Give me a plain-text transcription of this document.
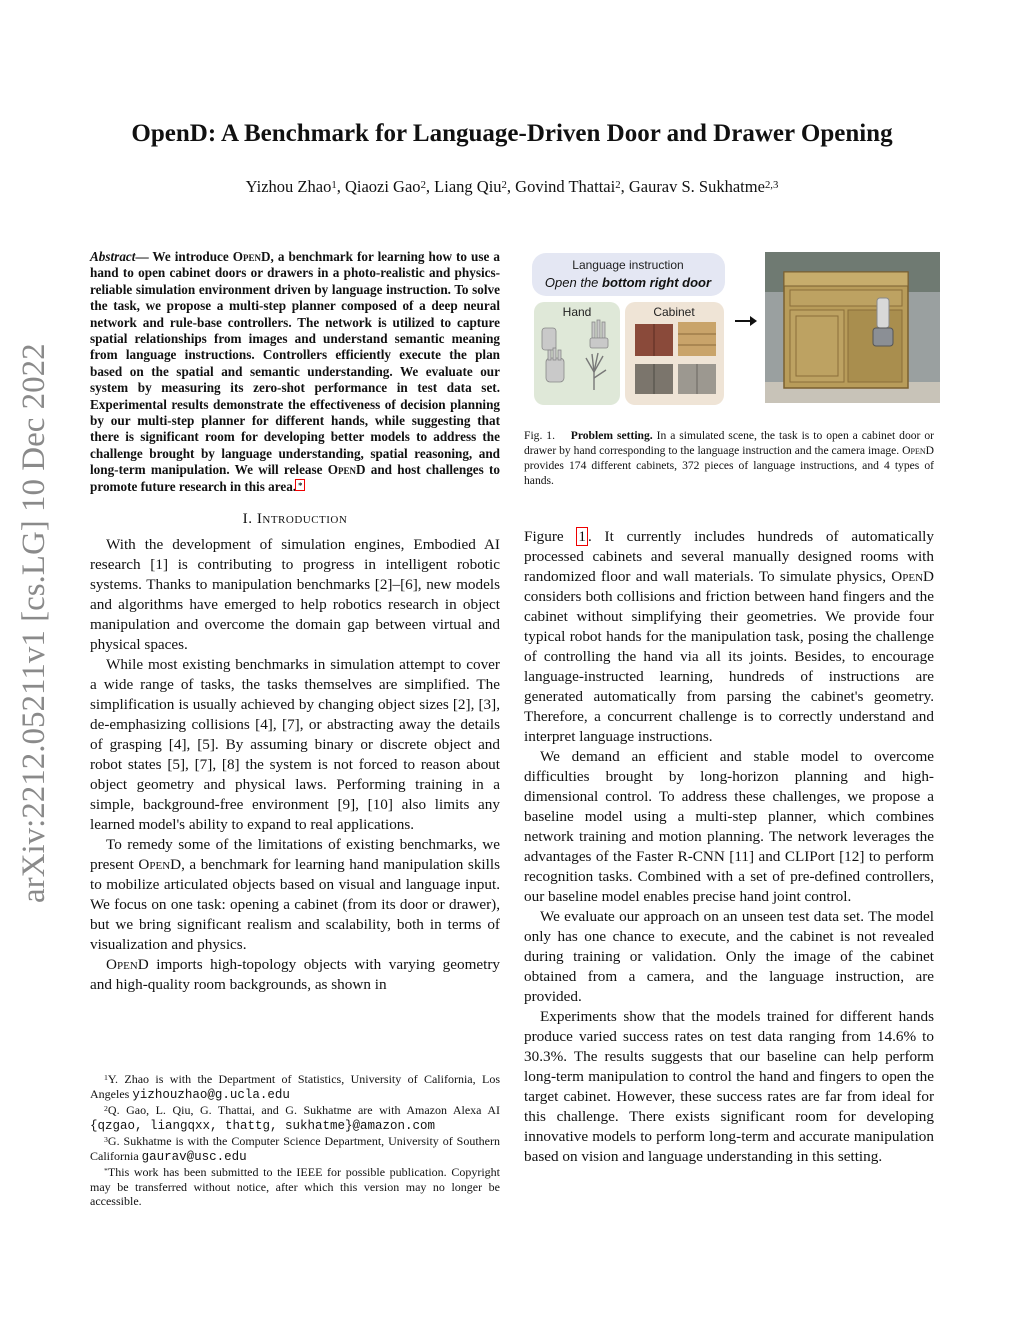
arXiv:2212.05211v1 [cs.LG] 10 Dec 2022
OpenD: A Benchmark for Language-Driven Door and Drawer Opening
Yizhou Zhao$^1$, Qiaozi Gao$^2$, Liang Qiu$^2$, Govind Thattai$^2$, Gaurav S. Sukhatme$^{2,3}$
Abstract— We introduce OpenD, a benchmark for learning how to use a hand to open cabinet doors or drawers in a photo-realistic and physics-reliable simulation environment driven by language instruction. To solve the task, we propose a multi-step planner composed of a deep neural network and rule-base controllers. The network is utilized to capture spatial relationships from images and understand semantic meaning from language instructions. Controllers efficiently execute the plan based on the spatial and semantic understanding. We evaluate our system by measuring its zero-shot performance in test data set. Experimental results demonstrate the effectiveness of decision planning by our multi-step planner for different hands, while suggesting that there is significant room for developing better models to address the challenge brought by language understanding, spatial reasoning, and long-term manipulation. We will release OpenD and host challenges to promote future research in this area. *
I. Introduction

With the development of simulation engines, Embodied AI research [1] is contributing to progress in intelligent robotic systems. Thanks to manipulation benchmarks [2]–[6], new models and algorithms have emerged to help robotics research in object manipulation and overcome the domain gap between virtual and physical spaces.

While most existing benchmarks in simulation attempt to cover a wide range of tasks, the tasks themselves are simplified. The simplification is usually achieved by changing object sizes [2], [3], de-emphasizing collisions [4], [7], or abstracting away the details of grasping [4], [5]. By assuming binary or discrete object and robot states [5], [7], [8] the system is not forced to reason about object geometry and physical laws. Performing training in a simple, background-free environment [9], [10] also limits any learned model's ability to expand to real applications.

To remedy some of the limitations of existing benchmarks, we present OpenD, a benchmark for learning hand manipulation skills to mobilize articulated objects based on visual and language input. We focus on one task: opening a cabinet (from its door or drawer), but we bring significant realism and scalability, both in terms of visualization and physics.

OpenD imports high-topology objects with varying geometry and high-quality room backgrounds, as shown in

$^1$Y. Zhao is with the Department of Statistics, University of California, Los Angeles yizhouzhao@g.ucla.edu

$^2$Q. Gao, L. Qiu, G. Thattai, and G. Sukhatme are with Amazon Alexa AI {qzgao, liangqxx, thattg, sukhatme}@amazon.com

$^3$G. Sukhatme is with the Computer Science Department, University of Southern California gaurav@usc.edu

*This work has been submitted to the IEEE for possible publication. Copyright may be transferred without notice, after which this version may no longer be accessible.

Language instruction
Open the bottom right door
Hand	Cabinet
Fig. 1. Problem setting. In a simulated scene, the task is to open a cabinet door or drawer by hand corresponding to the language instruction and the camera image. OpenD provides 174 different cabinets, 372 pieces of language instructions, and 4 types of hands.

Figure 1 . It currently includes hundreds of automatically processed cabinets and several manually designed rooms with randomized floor and wall materials. To simulate physics, OpenD considers both collisions and friction between hand fingers and the cabinet without simplifying their geometries. We provide four typical robot hands for the manipulation task, posing the challenge of controlling the hand via all its joints. Besides, to encourage language-instructed learning, hundreds of instructions are generated automatically from parsing the cabinet's geometry. Therefore, a concurrent challenge is to correctly understand and interpret language instructions.

We demand an efficient and stable model to overcome difficulties brought by long-horizon planning and high-dimensional control. To address these challenges, we propose a baseline model using a multi-step planner, which combines network training and motion planning. The network leverages the advantages of the Faster R-CNN [11] and CLIPort [12] to perform recognition tasks. Combined with a set of pre-defined controllers, our baseline model enables precise hand joint control.

We evaluate our approach on an unseen test data set. The model only has one chance to execute, and the cabinet is not revealed during training or validation. Only the image of the cabinet obtained from a camera, and the language instruction, are provided.

Experiments show that the models trained for different hands produce varied success rates on test data ranging from 14.6% to 30.3%. The results suggests that our baseline can help perform long-term manipulation to control the hand and fingers to open the target cabinet. However, these success rates are far from ideal for this challenge. There exists significant room for developing innovative models to perform long-term and accurate manipulation based on vision and language understanding in this setting.
